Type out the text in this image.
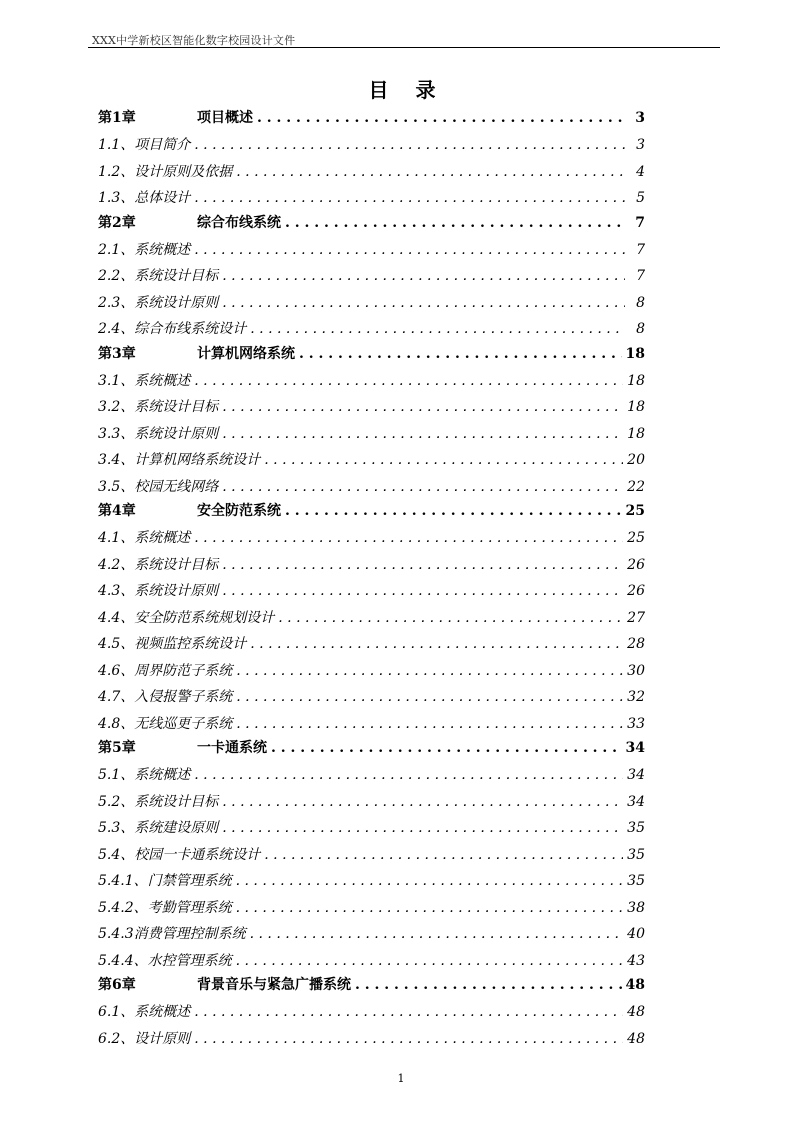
XXX中学新校区智能化数字校园设计文件
目 录
第1章	项目概述 . . .	3
1.1、项目简介 . . .	3
1.2、设计原则及依据 . . .	4
1.3、总体设计 . . .	5
第2章	综合布线系统 . . .	7
2.1、系统概述 . . .	7
2.2、系统设计目标 . . .	7
2.3、系统设计原则 . . .	8
2.4、综合布线系统设计 . . .	8
第3章	计算机网络系统 . . .	18
3.1、系统概述 . . .	18
3.2、系统设计目标 . . .	18
3.3、系统设计原则 . . .	18
3.4、计算机网络系统设计 . . .	20
3.5、校园无线网络 . . .	22
第4章	安全防范系统 . . .	25
4.1、系统概述 . . .	25
4.2、系统设计目标 . . .	26
4.3、系统设计原则 . . .	26
4.4、安全防范系统规划设计 . . .	27
4.5、视频监控系统设计 . . .	28
4.6、周界防范子系统 . . .	30
4.7、入侵报警子系统 . . .	32
4.8、无线巡更子系统 . . .	33
第5章	一卡通系统 . . .	34
5.1、系统概述 . . .	34
5.2、系统设计目标 . . .	34
5.3、系统建设原则 . . .	35
5.4、校园一卡通系统设计 . . .	35
5.4.1、门禁管理系统 . . .	35
5.4.2、考勤管理系统 . . .	38
5.4.3消费管理控制系统 . . .	40
5.4.4、水控管理系统 . . .	43
第6章	背景音乐与紧急广播系统 . . .	48
6.1、系统概述 . . .	48
6.2、设计原则 . . .	48
1
